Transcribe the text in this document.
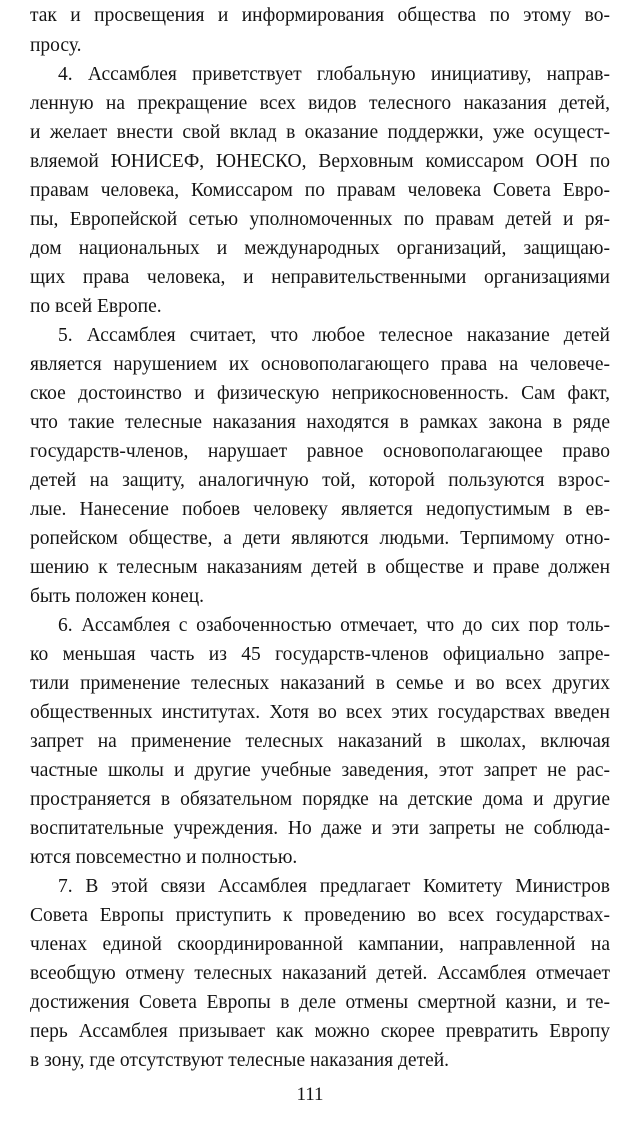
так и просвещения и информирования общества по этому во-
просу.
4. Ассамблея приветствует глобальную инициативу, направ-
ленную на прекращение всех видов телесного наказания детей,
и желает внести свой вклад в оказание поддержки, уже осущест-
вляемой ЮНИСЕФ, ЮНЕСКО, Верховным комиссаром ООН по
правам человека, Комиссаром по правам человека Совета Евро-
пы, Европейской сетью уполномоченных по правам детей и ря-
дом национальных и международных организаций, защищаю-
щих права человека, и неправительственными организациями
по всей Европе.
5. Ассамблея считает, что любое телесное наказание детей
является нарушением их основополагающего права на человече-
ское достоинство и физическую неприкосновенность. Сам факт,
что такие телесные наказания находятся в рамках закона в ряде
государств-членов, нарушает равное основополагающее право
детей на защиту, аналогичную той, которой пользуются взрос-
лые. Нанесение побоев человеку является недопустимым в ев-
ропейском обществе, а дети являются людьми. Терпимому отно-
шению к телесным наказаниям детей в обществе и праве должен
быть положен конец.
6. Ассамблея с озабоченностью отмечает, что до сих пор толь-
ко меньшая часть из 45 государств-членов официально запре-
тили применение телесных наказаний в семье и во всех других
общественных институтах. Хотя во всех этих государствах введен
запрет на применение телесных наказаний в школах, включая
частные школы и другие учебные заведения, этот запрет не рас-
пространяется в обязательном порядке на детские дома и другие
воспитательные учреждения. Но даже и эти запреты не соблюда-
ются повсеместно и полностью.
7. В этой связи Ассамблея предлагает Комитету Министров
Совета Европы приступить к проведению во всех государствах-
членах единой скоординированной кампании, направленной на
всеобщую отмену телесных наказаний детей. Ассамблея отмечает
достижения Совета Европы в деле отмены смертной казни, и те-
перь Ассамблея призывает как можно скорее превратить Европу
в зону, где отсутствуют телесные наказания детей.
111
